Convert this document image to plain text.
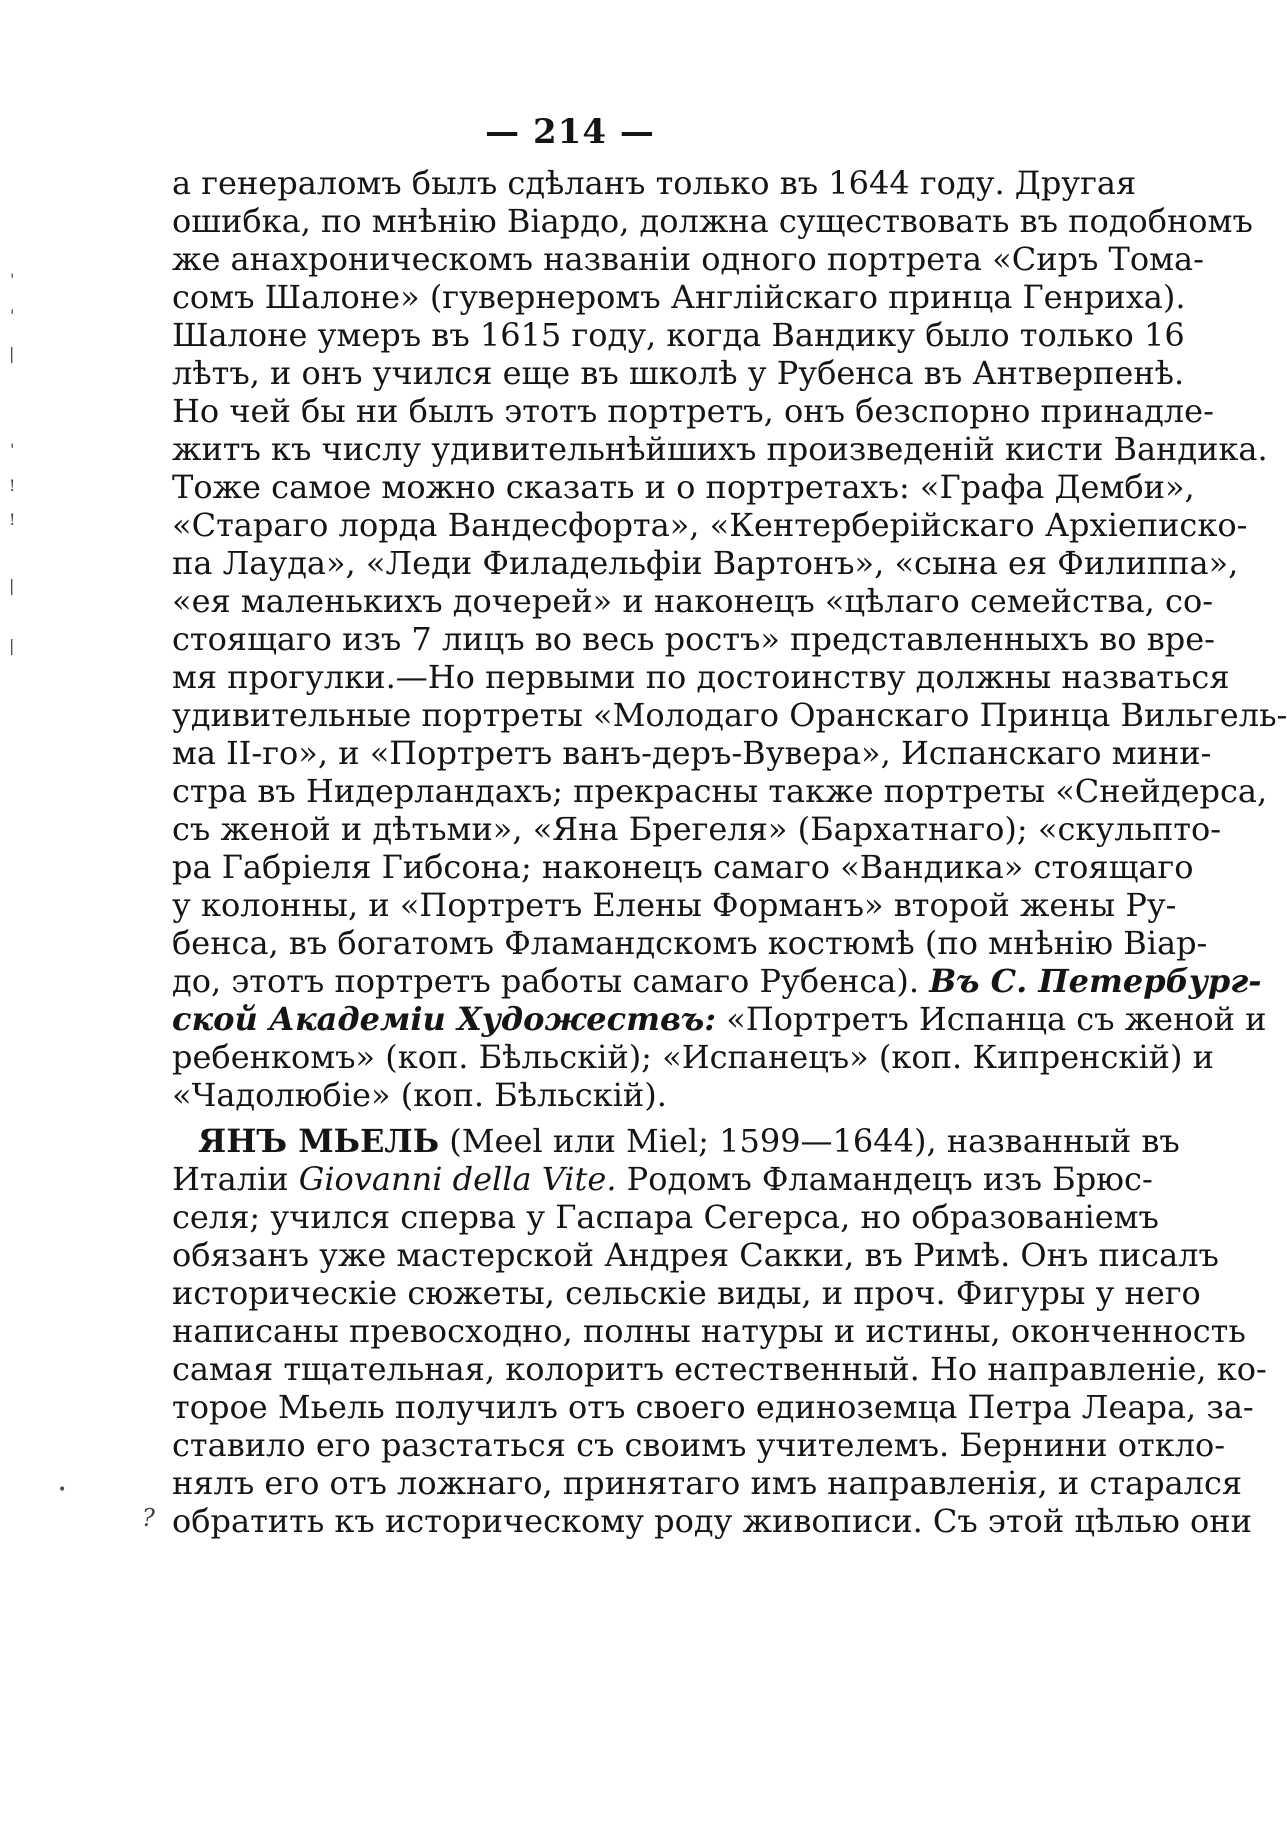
— 214 —
а генераломъ былъ сдѣланъ только въ 1644 году. Другая
ошибка, по мнѣнію Віардо, должна существовать въ подобномъ
же анахроническомъ названіи одного портрета «Сиръ Тома-
сомъ Шалоне» (гувернеромъ Англійскаго принца Генриха).
Шалоне умеръ въ 1615 году, когда Вандику было только 16
лѣтъ, и онъ учился еще въ школѣ у Рубенса въ Антверпенѣ.
Но чей бы ни былъ этотъ портретъ, онъ безспорно принадле-
житъ къ числу удивительнѣйшихъ произведеній кисти Вандика.
Тоже самое можно сказать и о портретахъ: «Графа Демби»,
«Стараго лорда Вандесфорта», «Кентерберійскаго Архіеписко-
па Лауда», «Леди Филадельфіи Вартонъ», «сына ея Филиппа»,
«ея маленькихъ дочерей» и наконецъ «цѣлаго семейства, со-
стоящаго изъ 7 лицъ во весь ростъ» представленныхъ во вре-
мя прогулки.—Но первыми по достоинству должны назваться
удивительные портреты «Молодаго Оранскаго Принца Вильгель-
ма II-го», и «Портретъ ванъ-деръ-Вувера», Испанскаго мини-
стра въ Нидерландахъ; прекрасны также портреты «Снейдерса,
съ женой и дѣтьми», «Яна Брегеля» (Бархатнаго); «скульпто-
ра Габріеля Гибсона; наконецъ самаго «Вандика» стоящаго
у колонны, и «Портретъ Елены Форманъ» второй жены Ру-
бенса, въ богатомъ Фламандскомъ костюмѣ (по мнѣнію Віар-
до, этотъ портретъ работы самаго Рубенса). Въ С. Петербург-
ской Академіи Художествъ: «Портретъ Испанца съ женой и
ребенкомъ» (коп. Бѣльскій); «Испанецъ» (коп. Кипренскій) и
«Чадолюбіе» (коп. Бѣльскій).
ЯНЪ МЬЕЛЬ (Meel или Miel; 1599—1644), названный въ
Италіи Giovanni della Vite. Родомъ Фламандецъ изъ Брюс-
селя; учился сперва у Гаспара Сегерса, но образованіемъ
обязанъ уже мастерской Андрея Сакки, въ Римѣ. Онъ писалъ
историческіе сюжеты, сельскіе виды, и проч. Фигуры у него
написаны превосходно, полны натуры и истины, оконченность
самая тщательная, колоритъ естественный. Но направленіе, ко-
торое Мьель получилъ отъ своего единоземца Петра Леара, за-
ставило его разстаться съ своимъ учителемъ. Бернини откло-
нялъ его отъ ложнаго, принятаго имъ направленія, и старался
обратить къ историческому роду живописи. Съ этой цѣлью они
'
'
|
'
!
!
|
|
?
•
